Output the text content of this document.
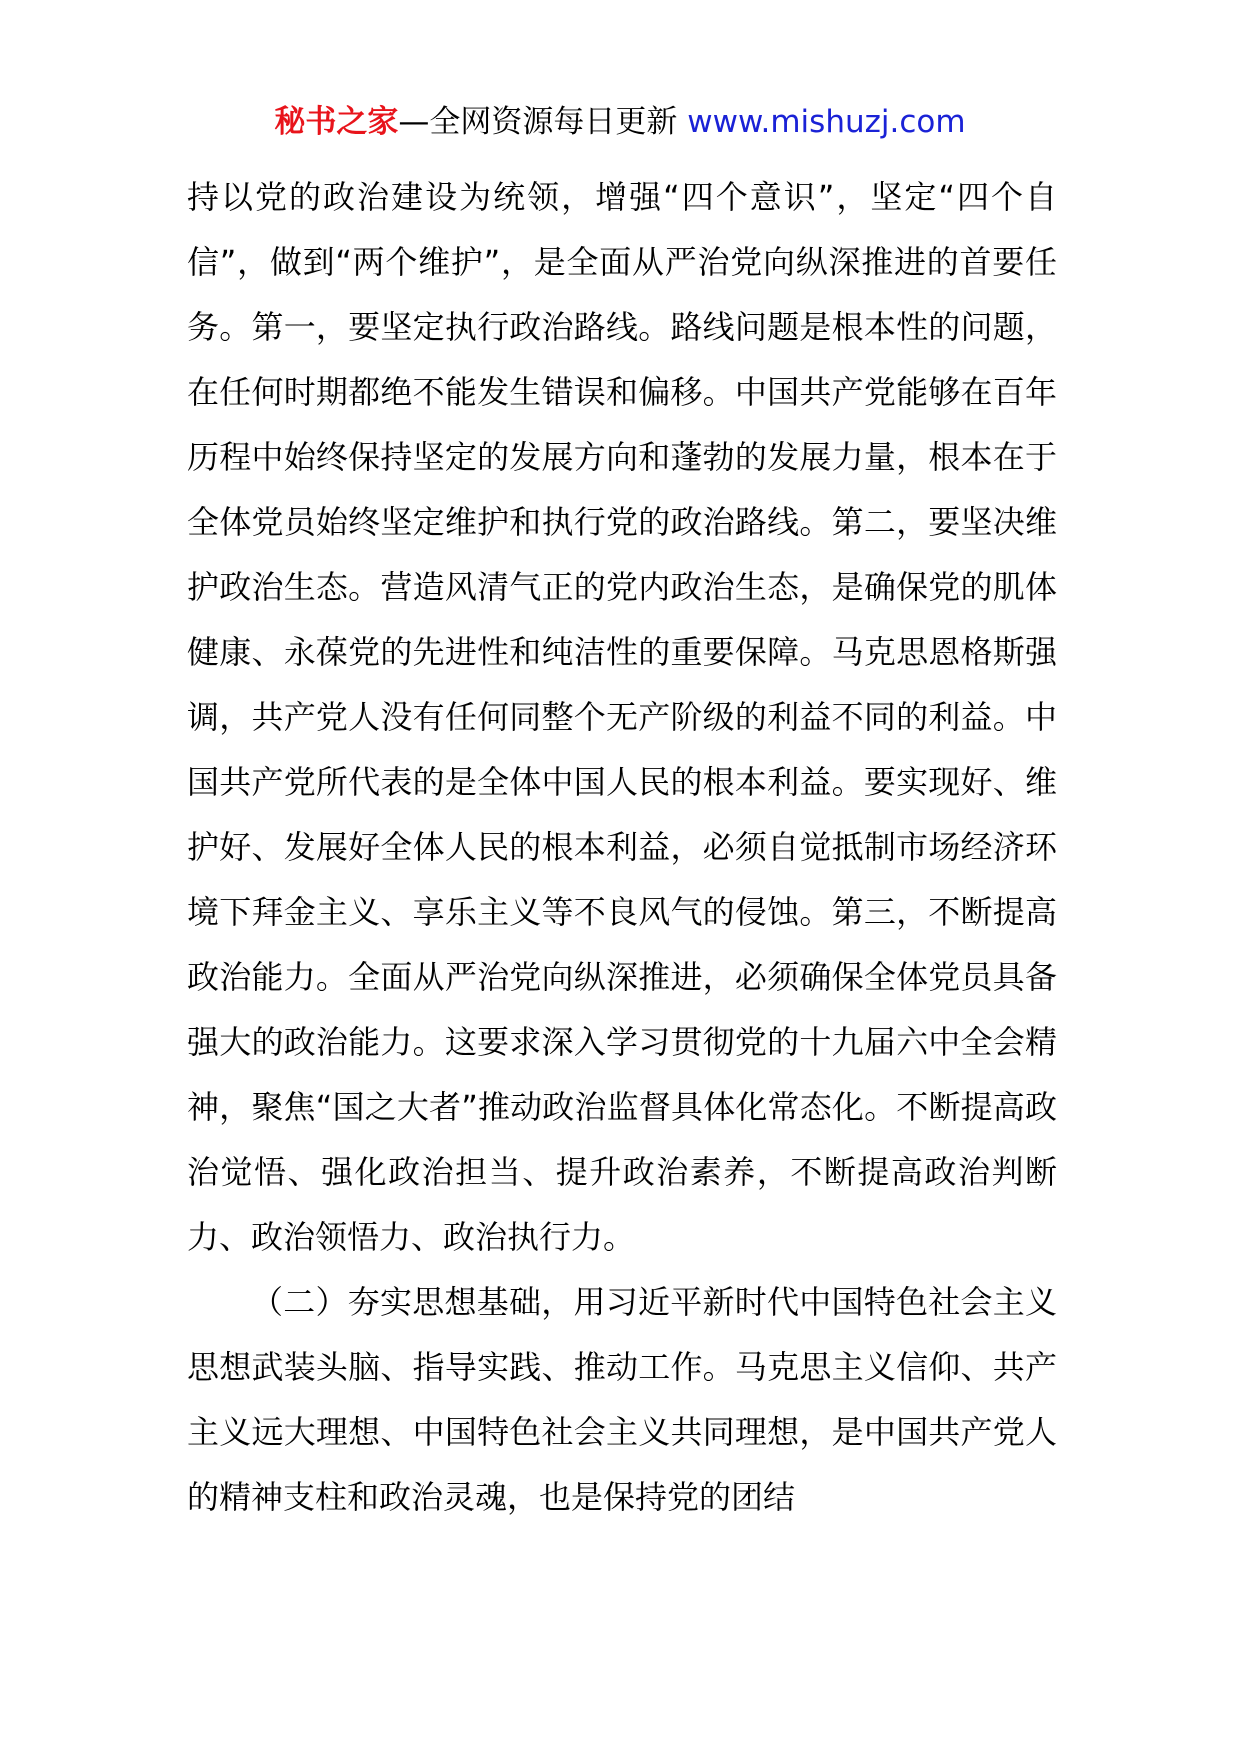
秘书之家—全网资源每日更新 www.mishuzj.com

持以党的政治建设为统领，增强“四个意识”，坚定“四个自信”，做到“两个维护”，是全面从严治党向纵深推进的首要任务。第一，要坚定执行政治路线。路线问题是根本性的问题，在任何时期都绝不能发生错误和偏移。中国共产党能够在百年历程中始终保持坚定的发展方向和蓬勃的发展力量，根本在于全体党员始终坚定维护和执行党的政治路线。第二，要坚决维护政治生态。营造风清气正的党内政治生态，是确保党的肌体健康、永葆党的先进性和纯洁性的重要保障。马克思恩格斯强调，共产党人没有任何同整个无产阶级的利益不同的利益。中国共产党所代表的是全体中国人民的根本利益。要实现好、维护好、发展好全体人民的根本利益，必须自觉抵制市场经济环境下拜金主义、享乐主义等不良风气的侵蚀。第三，不断提高政治能力。全面从严治党向纵深推进，必须确保全体党员具备强大的政治能力。这要求深入学习贯彻党的十九届六中全会精神，聚焦“国之大者”推动政治监督具体化常态化。不断提高政治觉悟、强化政治担当、提升政治素养，不断提高政治判断力、政治领悟力、政治执行力。

（二）夯实思想基础，用习近平新时代中国特色社会主义思想武装头脑、指导实践、推动工作。马克思主义信仰、共产主义远大理想、中国特色社会主义共同理想，是中国共产党人的精神支柱和政治灵魂，也是保持党的团结
